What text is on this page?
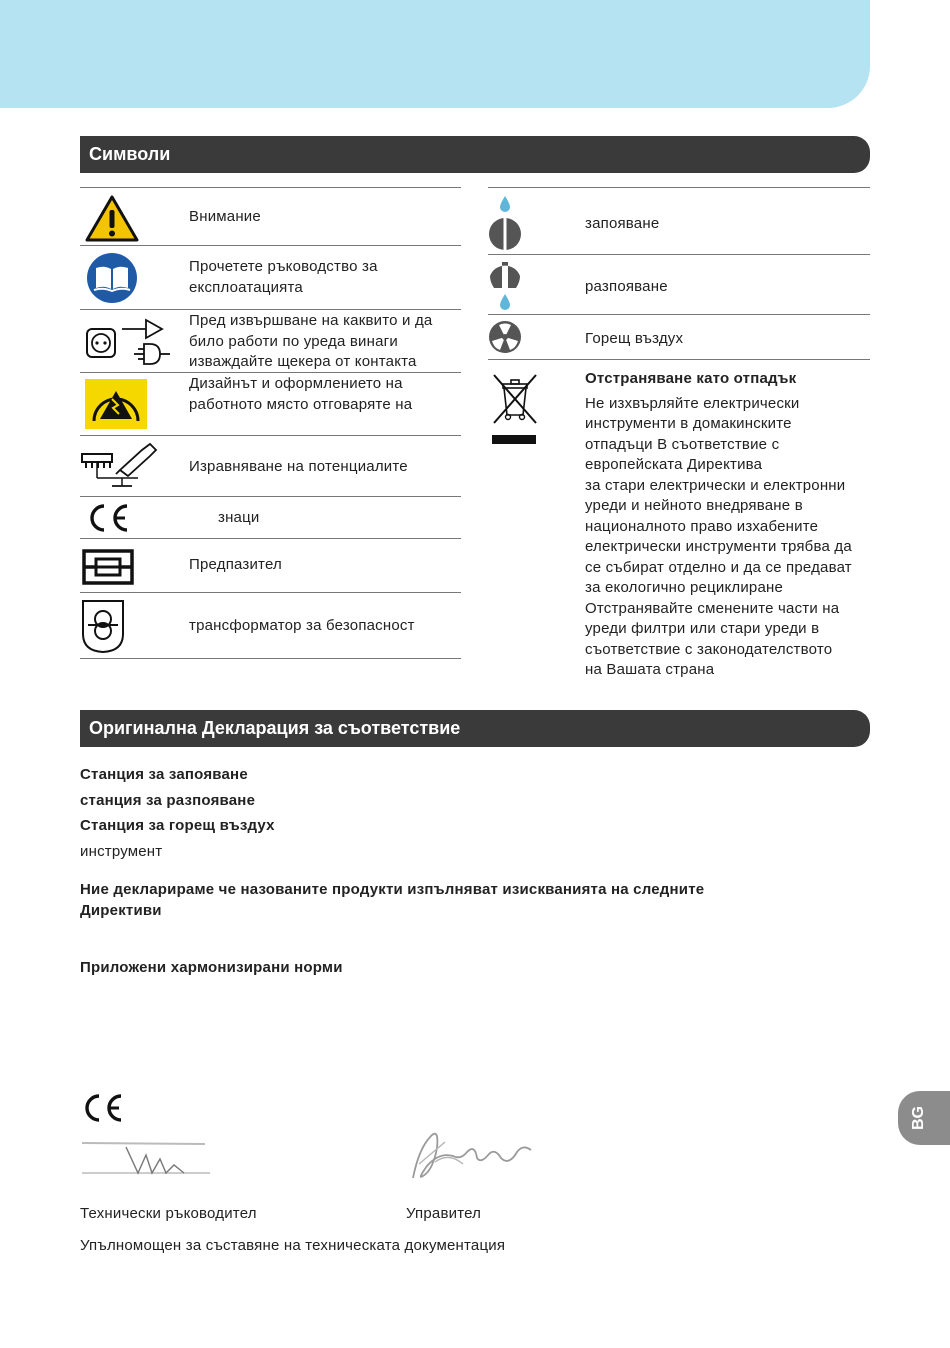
Символи
Внимание
Прочетете ръководство за експлоатацията
Пред извършване на каквито и да било работи по уреда винаги изваждайте щекера от контакта
Дизайнът и оформлението на работното място отговаряте на
Изравняване на потенциалите
знаци
Предпазител
трансформатор за безопасност
запояване
разпояване
Горещ въздух
Отстраняване като отпадък
Не изхвърляйте електрически
инструменти в домакинските
отпадъци В съответствие с
европейската Директива
за стари електрически и електронни
уреди и нейното внедряване в
националното право изхабените
електрически инструменти трябва да
се събират отделно и да се предават
за екологично рециклиране
Отстранявайте сменените части на
уреди филтри или стари уреди в
съответствие с законодателството
на Вашата страна
Оригинална Декларация за съответствие
Станция за запояване
станция за разпояване
Станция за горещ въздух
инструмент
Ние декларираме че назованите продукти изпълняват изискванията на следните
Директиви
Приложени хармонизирани норми
Технически ръководител	Управител
Упълномощен за съставяне на техническата документация
BG
